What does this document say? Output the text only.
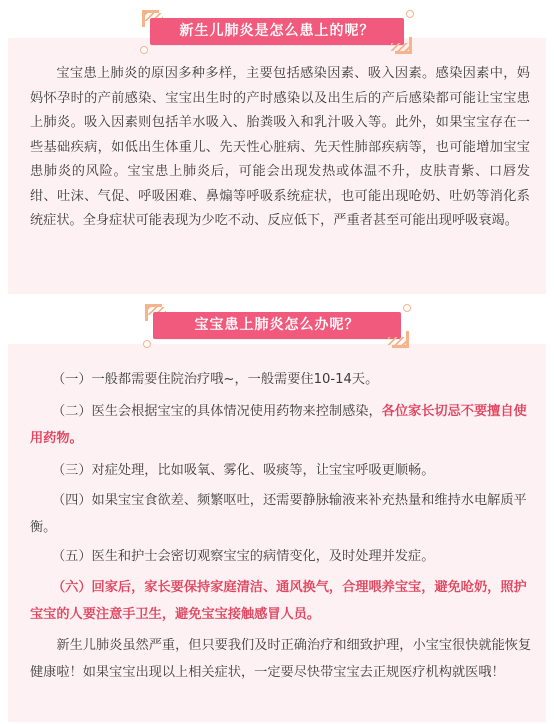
宝宝患上肺炎的原因多种多样，主要包括感染因素、吸入因素。感染因素中，妈妈怀孕时的产前感染、宝宝出生时的产时感染以及出生后的产后感染都可能让宝宝患上肺炎。吸入因素则包括羊水吸入、胎粪吸入和乳汁吸入等。此外，如果宝宝存在一些基础疾病，如低出生体重儿、先天性心脏病、先天性肺部疾病等，也可能增加宝宝患肺炎的风险。宝宝患上肺炎后，可能会出现发热或体温不升，皮肤青紫、口唇发绀、吐沫、气促、呼吸困难、鼻煽等呼吸系统症状，也可能出现呛奶、吐奶等消化系统症状。全身症状可能表现为少吃不动、反应低下，严重者甚至可能出现呼吸衰竭。

新生儿肺炎是怎么患上的呢？

（一）一般都需要住院治疗哦~，一般需要住10-14天。

（二）医生会根据宝宝的具体情况使用药物来控制感染，各位家长切忌不要擅自使用药物。

（三）对症处理，比如吸氧、雾化、吸痰等，让宝宝呼吸更顺畅。

（四）如果宝宝食欲差、频繁呕吐，还需要静脉输液来补充热量和维持水电解质平衡。

（五）医生和护士会密切观察宝宝的病情变化，及时处理并发症。

（六）回家后，家长要保持家庭清洁、通风换气，合理喂养宝宝，避免呛奶，照护宝宝的人要注意手卫生，避免宝宝接触感冒人员。

新生儿肺炎虽然严重，但只要我们及时正确治疗和细致护理，小宝宝很快就能恢复健康啦！如果宝宝出现以上相关症状，一定要尽快带宝宝去正规医疗机构就医哦！

宝宝患上肺炎怎么办呢？
